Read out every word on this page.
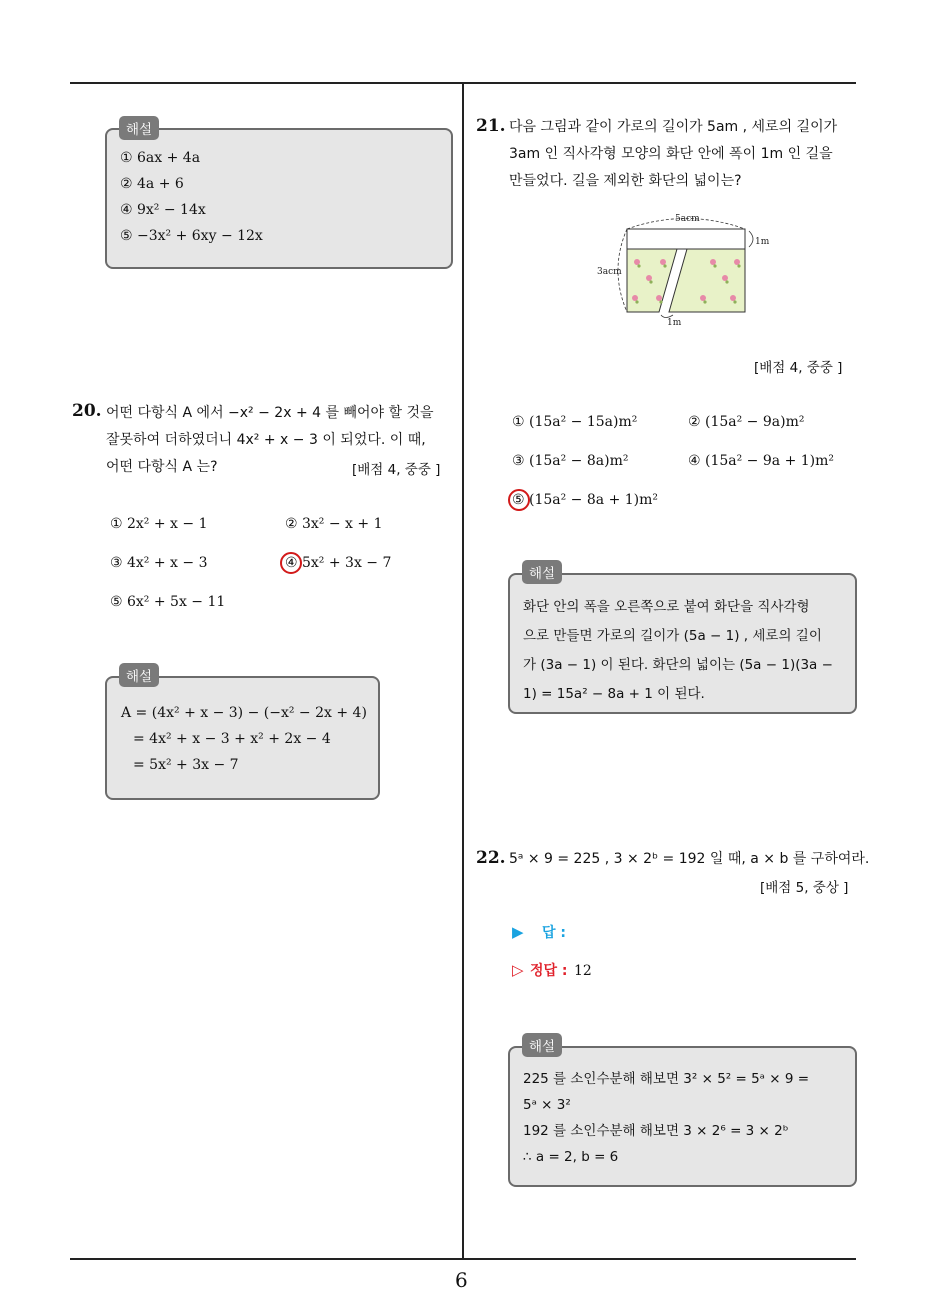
6
① 6ax + 4a
② 4a + 6
④ 9x² − 14x
⑤ −3x² + 6xy − 12x
해설
20. 어떤 다항식 A 에서 −x² − 2x + 4 를 빼어야 할 것을
잘못하여 더하였더니 4x² + x − 3 이 되었다. 이 때,
어떤 다항식 A 는?	[배점 4, 중중 ]
① 2x² + x − 1	② 3x² − x + 1
③ 4x² + x − 3	④ 5x² + 3x − 7
⑤ 6x² + 5x − 11
A = (4x² + x − 3) − (−x² − 2x + 4)
= 4x² + x − 3 + x² + 2x − 4
= 5x² + 3x − 7
해설
21. 다음 그림과 같이 가로의 길이가 5am , 세로의 길이가
3am 인 직사각형 모양의 화단 안에 폭이 1m 인 길을
만들었다. 길을 제외한 화단의 넓이는?
5acm
3acm
1m
1m
[배점 4, 중중 ]
① (15a² − 15a)m²	② (15a² − 9a)m²
③ (15a² − 8a)m²	④ (15a² − 9a + 1)m²
⑤ (15a² − 8a + 1)m²
화단 안의 폭을 오른쪽으로 붙여 화단을 직사각형
으로 만들면 가로의 길이가 (5a − 1) , 세로의 길이
가 (3a − 1) 이 된다. 화단의 넓이는 (5a − 1)(3a −
1) = 15a² − 8a + 1 이 된다.
해설
22. 5ᵃ × 9 = 225 , 3 × 2ᵇ = 192 일 때, a × b 를 구하여라.
[배점 5, 중상 ]
▶ 답 :
▷ 정답 : 12
225 를 소인수분해 해보면 3² × 5² = 5ᵃ × 9 =
5ᵃ × 3²
192 를 소인수분해 해보면 3 × 2⁶ = 3 × 2ᵇ
∴ a = 2, b = 6
해설
